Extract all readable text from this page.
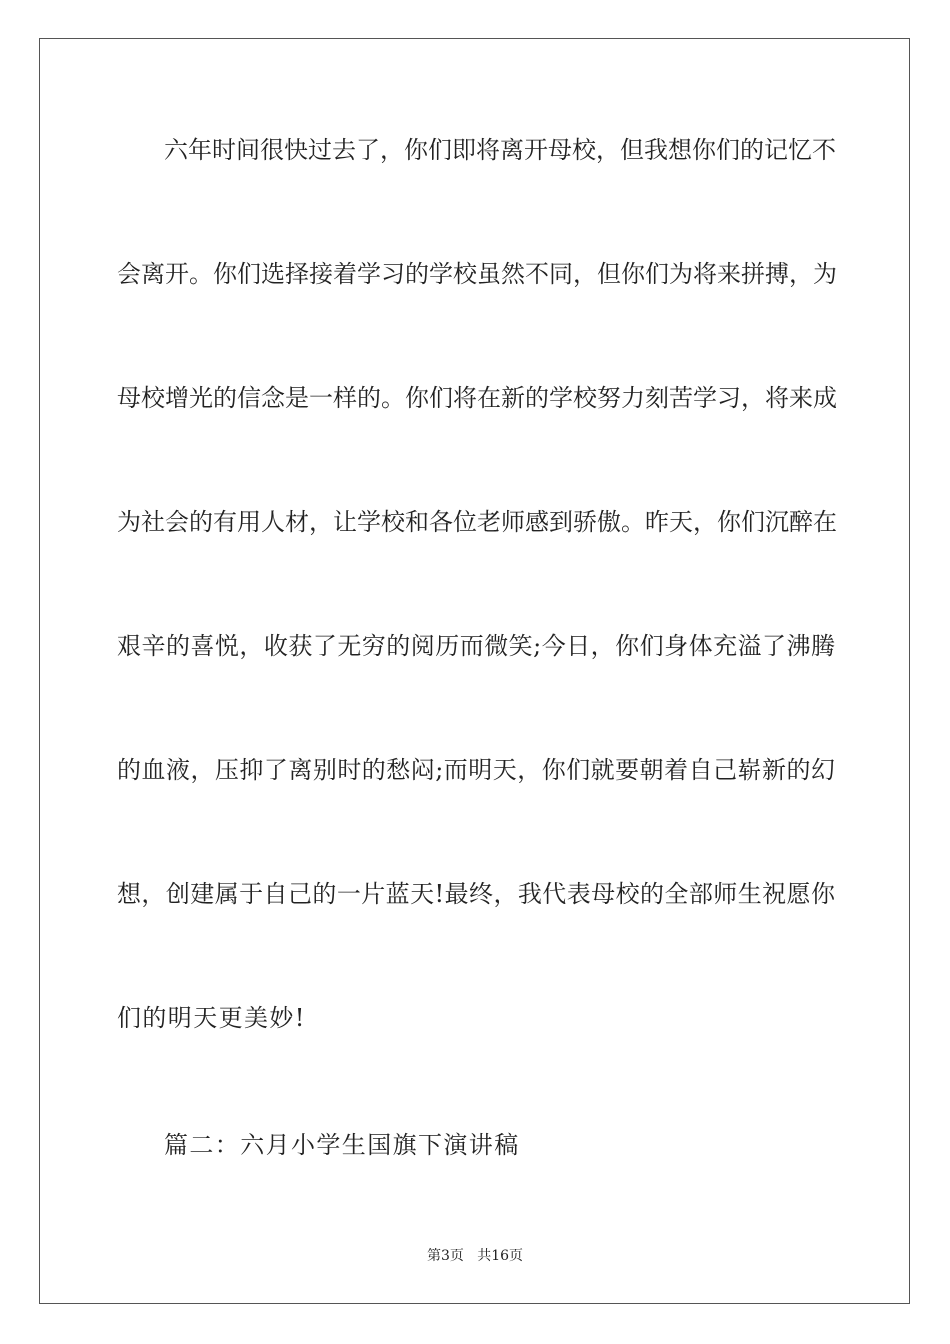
六年时间很快过去了，你们即将离开母校，但我想你们的记忆不
会离开。你们选择接着学习的学校虽然不同，但你们为将来拼搏，为
母校增光的信念是一样的。你们将在新的学校努力刻苦学习，将来成
为社会的有用人材，让学校和各位老师感到骄傲。昨天，你们沉醉在
艰辛的喜悦，收获了无穷的阅历而微笑;今日，你们身体充溢了沸腾
的血液，压抑了离别时的愁闷;而明天，你们就要朝着自己崭新的幻
想，创建属于自己的一片蓝天!最终，我代表母校的全部师生祝愿你
们的明天更美妙!
篇二：六月小学生国旗下演讲稿
第3页   共16页
